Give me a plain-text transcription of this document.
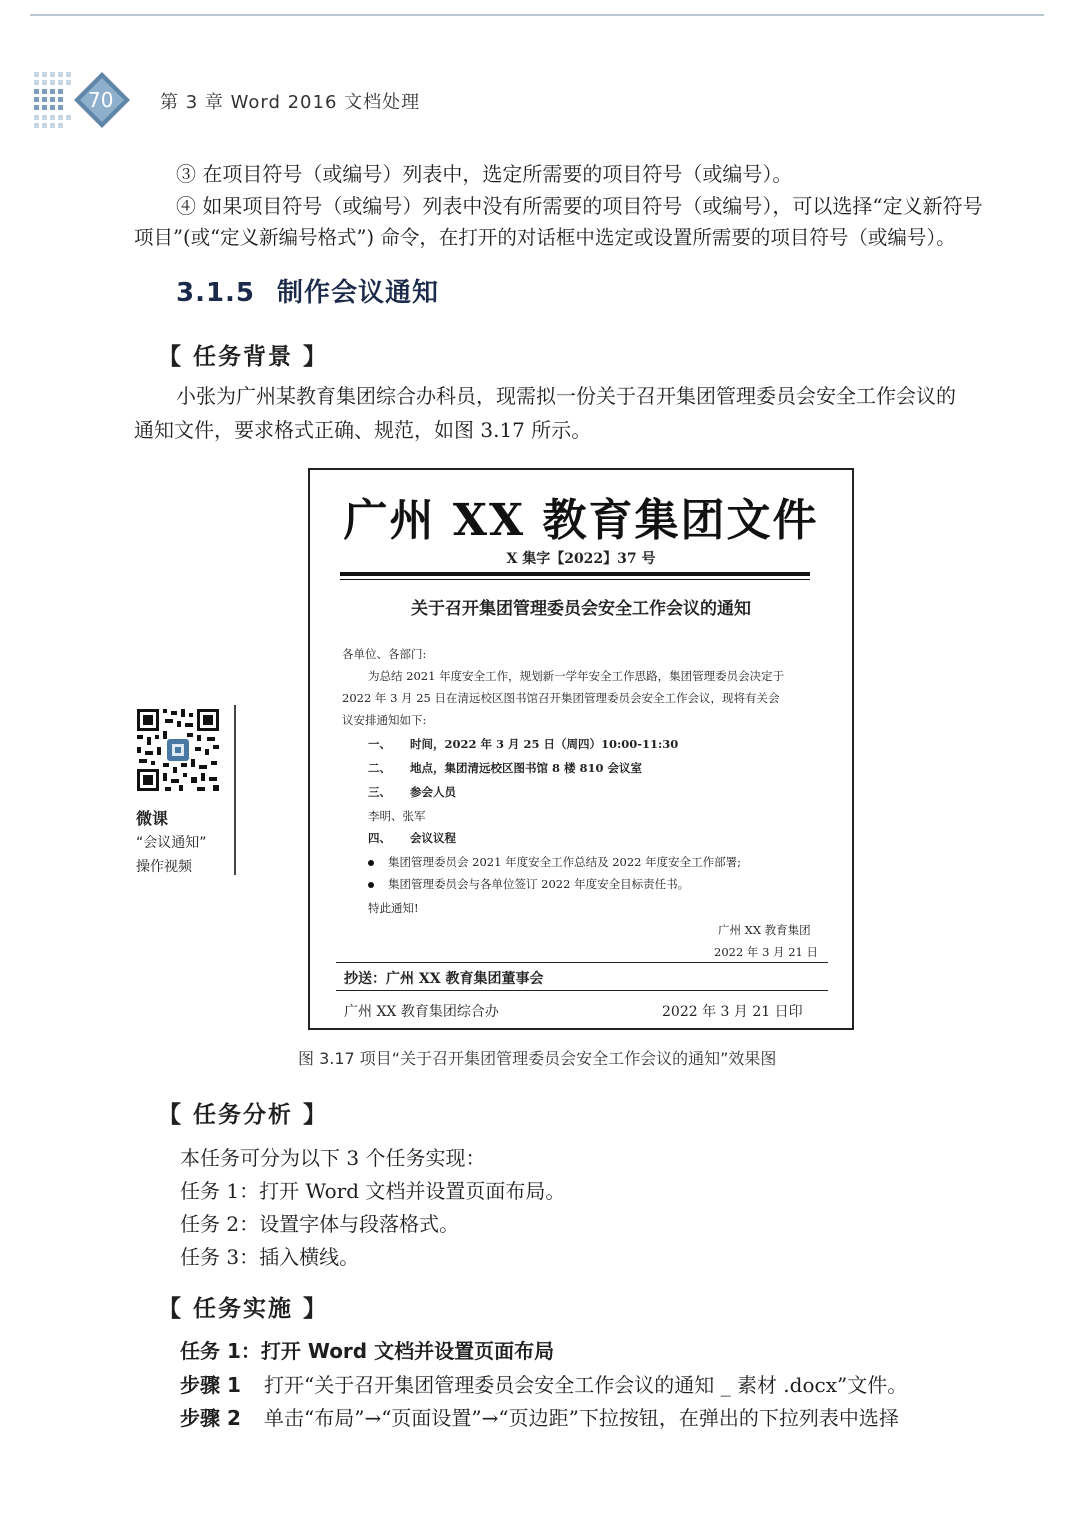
70	第 3 章 Word 2016 文档处理
③ 在项目符号（或编号）列表中，选定所需要的项目符号（或编号）。
④ 如果项目符号（或编号）列表中没有所需要的项目符号（或编号），可以选择“定义新符号
项目”(或“定义新编号格式”) 命令，在打开的对话框中选定或设置所需要的项目符号（或编号）。
3.1.5 制作会议通知
【 任务背景 】
小张为广州某教育集团综合办科员，现需拟一份关于召开集团管理委员会安全工作会议的
通知文件，要求格式正确、规范，如图 3.17 所示。
广州 XX 教育集团文件
X 集字【2022】37 号
关于召开集团管理委员会安全工作会议的通知
各单位、各部门:
为总结 2021 年度安全工作，规划新一学年安全工作思路，集团管理委员会决定于
2022 年 3 月 25 日在清远校区图书馆召开集团管理委员会安全工作会议，现将有关会
议安排通知如下:
一、 时间，2022 年 3 月 25 日（周四）10:00-11:30
二、 地点，集团清远校区图书馆 8 楼 810 会议室
三、 参会人员
李明、张军
四、 会议议程
集团管理委员会 2021 年度安全工作总结及 2022 年度安全工作部署;
集团管理委员会与各单位签订 2022 年度安全目标责任书。
特此通知!
广州 XX 教育集团
2022 年 3 月 21 日
抄送：广州 XX 教育集团董事会
广州 XX 教育集团综合办	2022 年 3 月 21 日印
图 3.17 项目“关于召开集团管理委员会安全工作会议的通知”效果图
微课
“会议通知”
操作视频
【 任务分析 】
本任务可分为以下 3 个任务实现：
任务 1：打开 Word 文档并设置页面布局。
任务 2：设置字体与段落格式。
任务 3：插入横线。
【 任务实施 】
任务 1：打开 Word 文档并设置页面布局
步骤 1 打开“关于召开集团管理委员会安全工作会议的通知 _ 素材 .docx”文件。
步骤 2 单击“布局”→“页面设置”→“页边距”下拉按钮，在弹出的下拉列表中选择
